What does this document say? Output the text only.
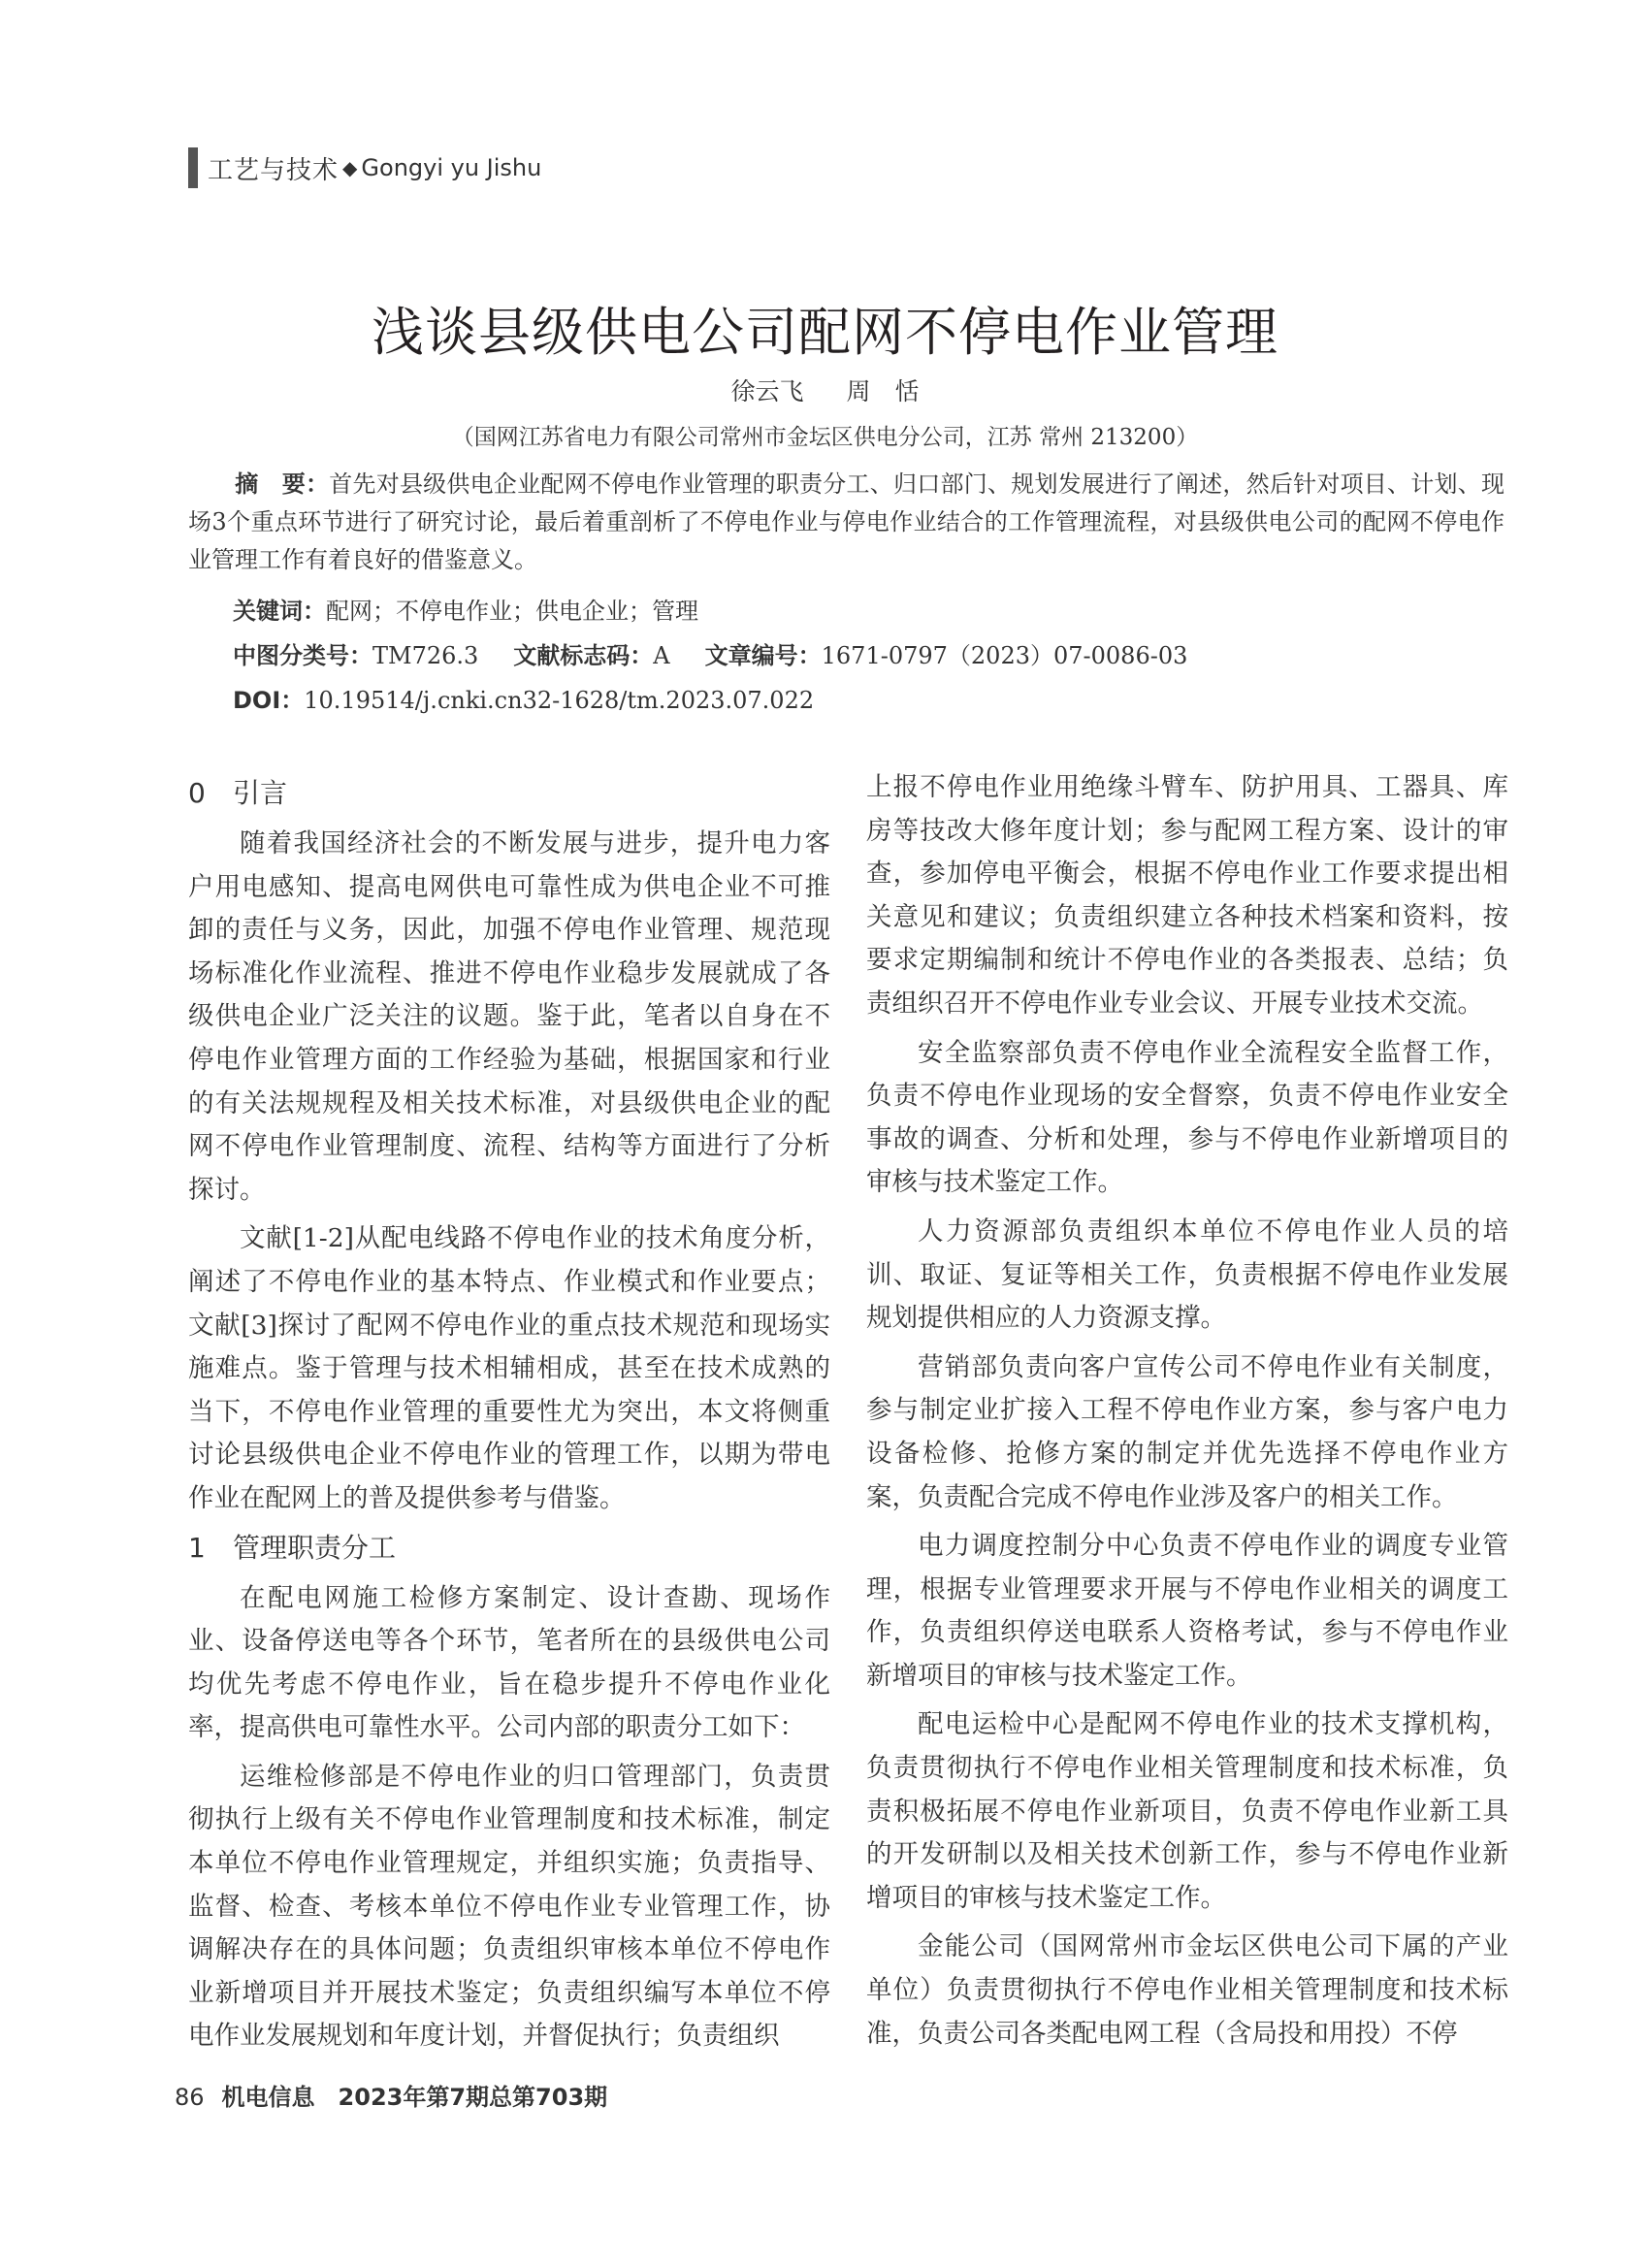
工艺与技术 ◆ Gongyi yu Jishu
浅谈县级供电公司配网不停电作业管理
徐云飞 周　恬
（国网江苏省电力有限公司常州市金坛区供电分公司，江苏 常州 213200）
摘　要：首先对县级供电企业配网不停电作业管理的职责分工、归口部门、规划发展进行了阐述，然后针对项目、计划、现场3个重点环节进行了研究讨论，最后着重剖析了不停电作业与停电作业结合的工作管理流程，对县级供电公司的配网不停电作业管理工作有着良好的借鉴意义。
关键词：配网；不停电作业；供电企业；管理
中图分类号：TM726.3 文献标志码：A 文章编号：1671-0797（2023）07-0086-03
DOI：10.19514/j.cnki.cn32-1628/tm.2023.07.022
0 引言

随着我国经济社会的不断发展与进步，提升电力客户用电感知、提高电网供电可靠性成为供电企业不可推卸的责任与义务，因此，加强不停电作业管理、规范现场标准化作业流程、推进不停电作业稳步发展就成了各级供电企业广泛关注的议题。鉴于此，笔者以自身在不停电作业管理方面的工作经验为基础，根据国家和行业的有关法规规程及相关技术标准，对县级供电企业的配网不停电作业管理制度、流程、结构等方面进行了分析探讨。

文献[1-2]从配电线路不停电作业的技术角度分析，阐述了不停电作业的基本特点、作业模式和作业要点；文献[3]探讨了配网不停电作业的重点技术规范和现场实施难点。鉴于管理与技术相辅相成，甚至在技术成熟的当下，不停电作业管理的重要性尤为突出，本文将侧重讨论县级供电企业不停电作业的管理工作，以期为带电作业在配网上的普及提供参考与借鉴。

1 管理职责分工

在配电网施工检修方案制定、设计查勘、现场作业、设备停送电等各个环节，笔者所在的县级供电公司均优先考虑不停电作业，旨在稳步提升不停电作业化率，提高供电可靠性水平。公司内部的职责分工如下：

运维检修部是不停电作业的归口管理部门，负责贯彻执行上级有关不停电作业管理制度和技术标准，制定本单位不停电作业管理规定，并组织实施；负责指导、监督、检查、考核本单位不停电作业专业管理工作，协调解决存在的具体问题；负责组织审核本单位不停电作业新增项目并开展技术鉴定；负责组织编写本单位不停电作业发展规划和年度计划，并督促执行；负责组织

上报不停电作业用绝缘斗臂车、防护用具、工器具、库房等技改大修年度计划；参与配网工程方案、设计的审查，参加停电平衡会，根据不停电作业工作要求提出相关意见和建议；负责组织建立各种技术档案和资料，按要求定期编制和统计不停电作业的各类报表、总结；负责组织召开不停电作业专业会议、开展专业技术交流。

安全监察部负责不停电作业全流程安全监督工作，负责不停电作业现场的安全督察，负责不停电作业安全事故的调查、分析和处理，参与不停电作业新增项目的审核与技术鉴定工作。

人力资源部负责组织本单位不停电作业人员的培训、取证、复证等相关工作，负责根据不停电作业发展规划提供相应的人力资源支撑。

营销部负责向客户宣传公司不停电作业有关制度，参与制定业扩接入工程不停电作业方案，参与客户电力设备检修、抢修方案的制定并优先选择不停电作业方案，负责配合完成不停电作业涉及客户的相关工作。

电力调度控制分中心负责不停电作业的调度专业管理，根据专业管理要求开展与不停电作业相关的调度工作，负责组织停送电联系人资格考试，参与不停电作业新增项目的审核与技术鉴定工作。

配电运检中心是配网不停电作业的技术支撑机构，负责贯彻执行不停电作业相关管理制度和技术标准，负责积极拓展不停电作业新项目，负责不停电作业新工具的开发研制以及相关技术创新工作，参与不停电作业新增项目的审核与技术鉴定工作。

金能公司（国网常州市金坛区供电公司下属的产业单位）负责贯彻执行不停电作业相关管理制度和技术标准，负责公司各类配电网工程（含局投和用投）不停

86 机电信息　2023年第7期总第703期
